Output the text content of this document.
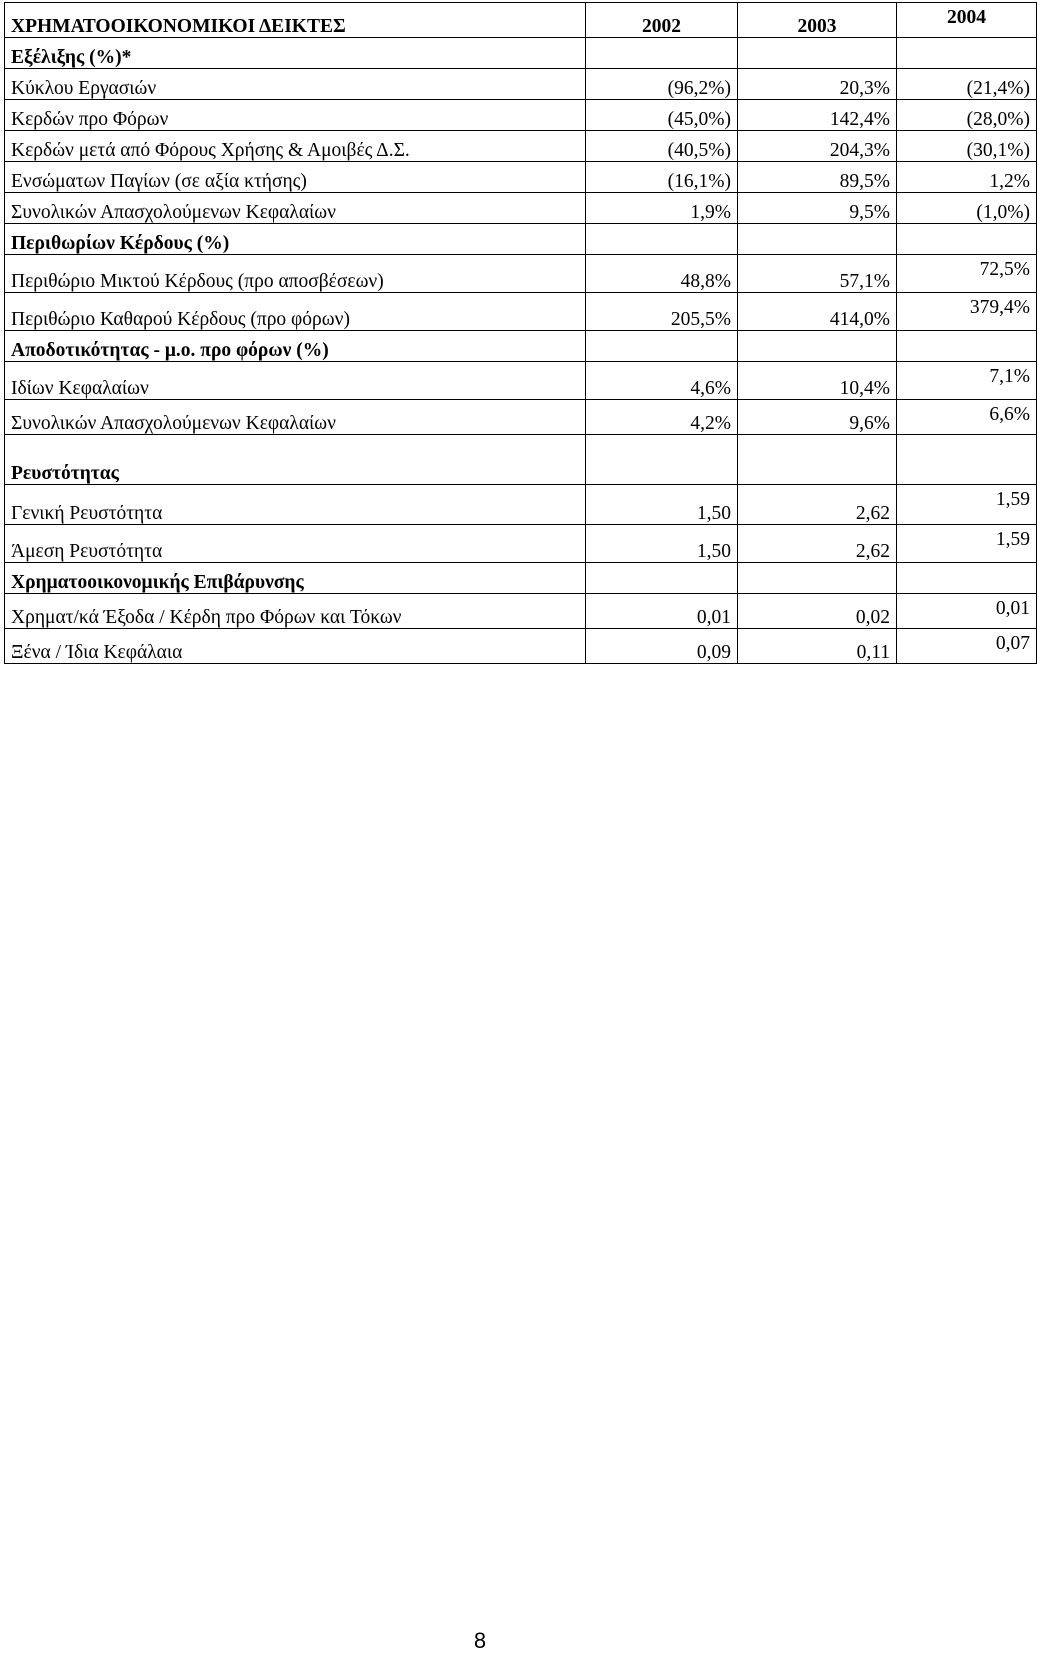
ΧΡΗΜΑΤΟΟΙΚΟΝΟΜΙΚΟΙ ΔΕΙΚΤΕΣ	2002	2003	2004
Εξέλιξης (%)*			
Κύκλου Εργασιών	(96,2%)	20,3%	(21,4%)
Κερδών προ Φόρων	(45,0%)	142,4%	(28,0%)
Κερδών μετά από Φόρους Χρήσης & Αμοιβές Δ.Σ.	(40,5%)	204,3%	(30,1%)
Ενσώματων Παγίων (σε αξία κτήσης)	(16,1%)	89,5%	1,2%
Συνολικών Απασχολούμενων Κεφαλαίων	1,9%	9,5%	(1,0%)
Περιθωρίων Κέρδους (%)			
Περιθώριο Μικτού Κέρδους (προ αποσβέσεων)	48,8%	57,1%	72,5%
Περιθώριο Καθαρού Κέρδους (προ φόρων)	205,5%	414,0%	379,4%
Αποδοτικότητας - μ.ο. προ φόρων (%)			
Ιδίων Κεφαλαίων	4,6%	10,4%	7,1%
Συνολικών Απασχολούμενων Κεφαλαίων	4,2%	9,6%	6,6%
Ρευστότητας			
Γενική Ρευστότητα	1,50	2,62	1,59
Άμεση Ρευστότητα	1,50	2,62	1,59
Χρηματοοικονομικής Επιβάρυνσης			
Χρηματ/κά Έξοδα / Κέρδη προ Φόρων και Τόκων	0,01	0,02	0,01
Ξένα / Ίδια Κεφάλαια	0,09	0,11	0,07
8
